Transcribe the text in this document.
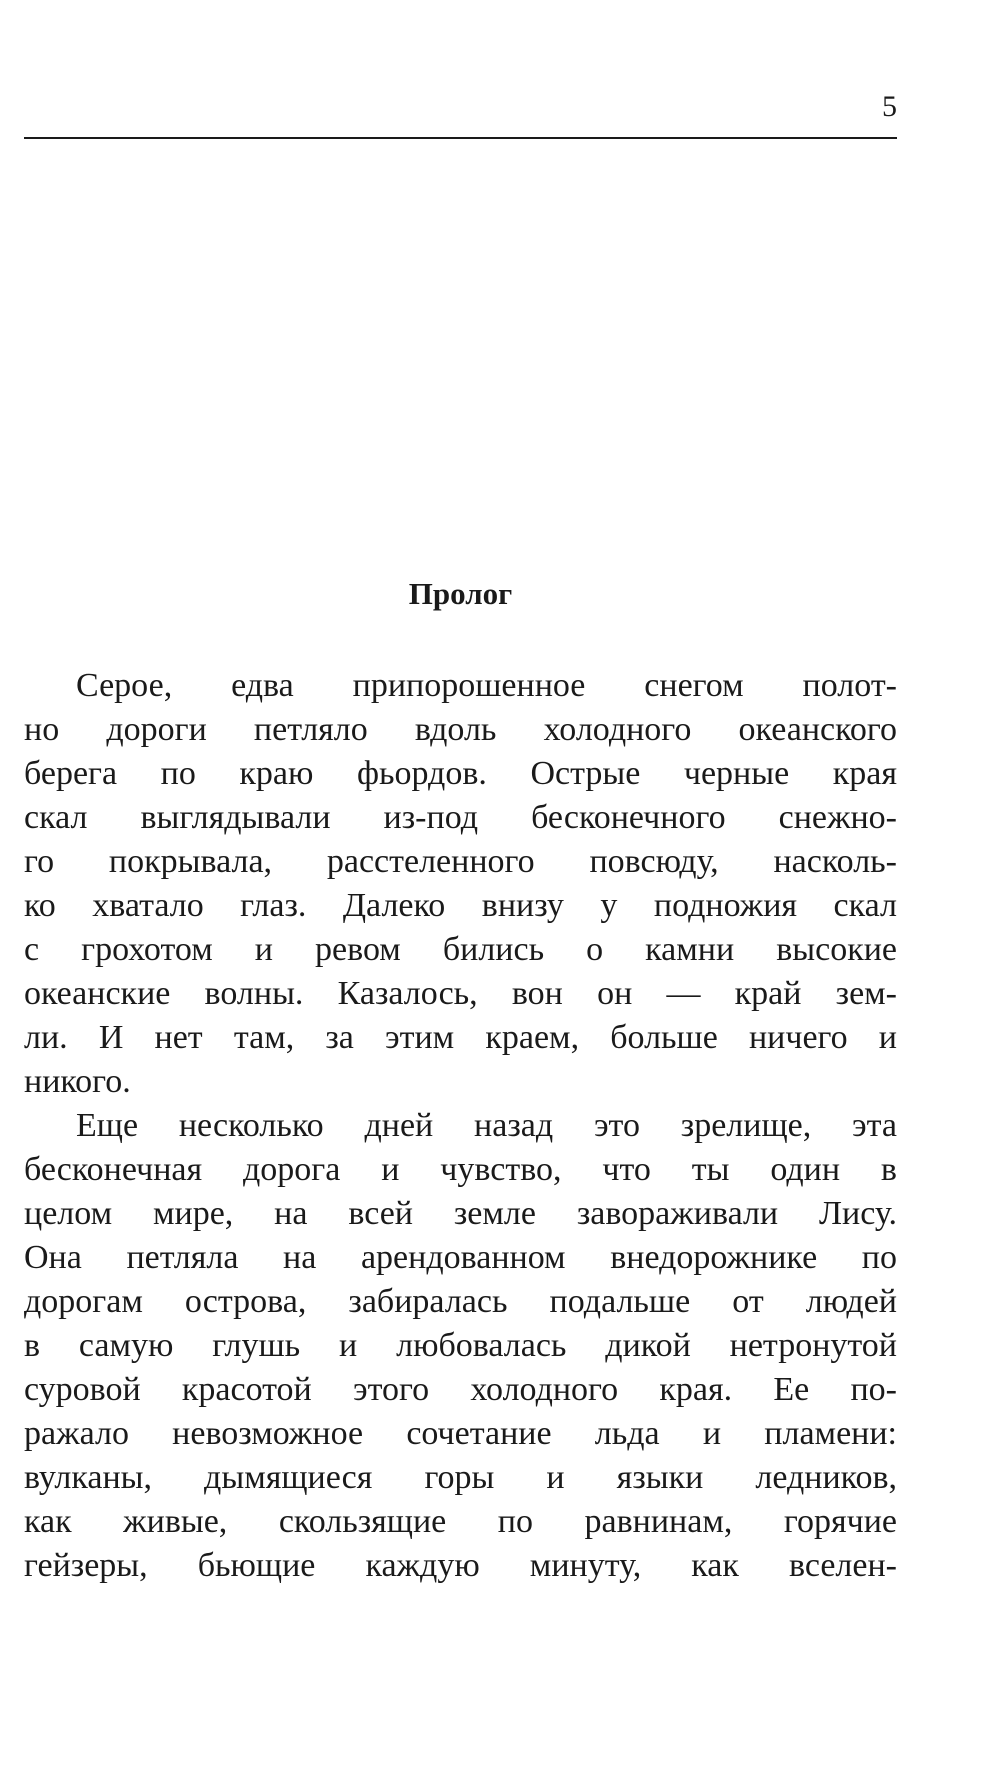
5
Пролог
Серое, едва припорошенное снегом полот-
но дороги петляло вдоль холодного океанского
берега по краю фьордов. Острые черные края
скал выглядывали из-под бесконечного снежно-
го покрывала, расстеленного повсюду, насколь-
ко хватало глаз. Далеко внизу у подножия скал
с грохотом и ревом бились о камни высокие
океанские волны. Казалось, вон он — край зем-
ли. И нет там, за этим краем, больше ничего и
никого.
Еще несколько дней назад это зрелище, эта
бесконечная дорога и чувство, что ты один в
целом мире, на всей земле завораживали Лису.
Она петляла на арендованном внедорожнике по
дорогам острова, забиралась подальше от людей
в самую глушь и любовалась дикой нетронутой
суровой красотой этого холодного края. Ее по-
ражало невозможное сочетание льда и пламени:
вулканы, дымящиеся горы и языки ледников,
как живые, скользящие по равнинам, горячие
гейзеры, бьющие каждую минуту, как вселен-
